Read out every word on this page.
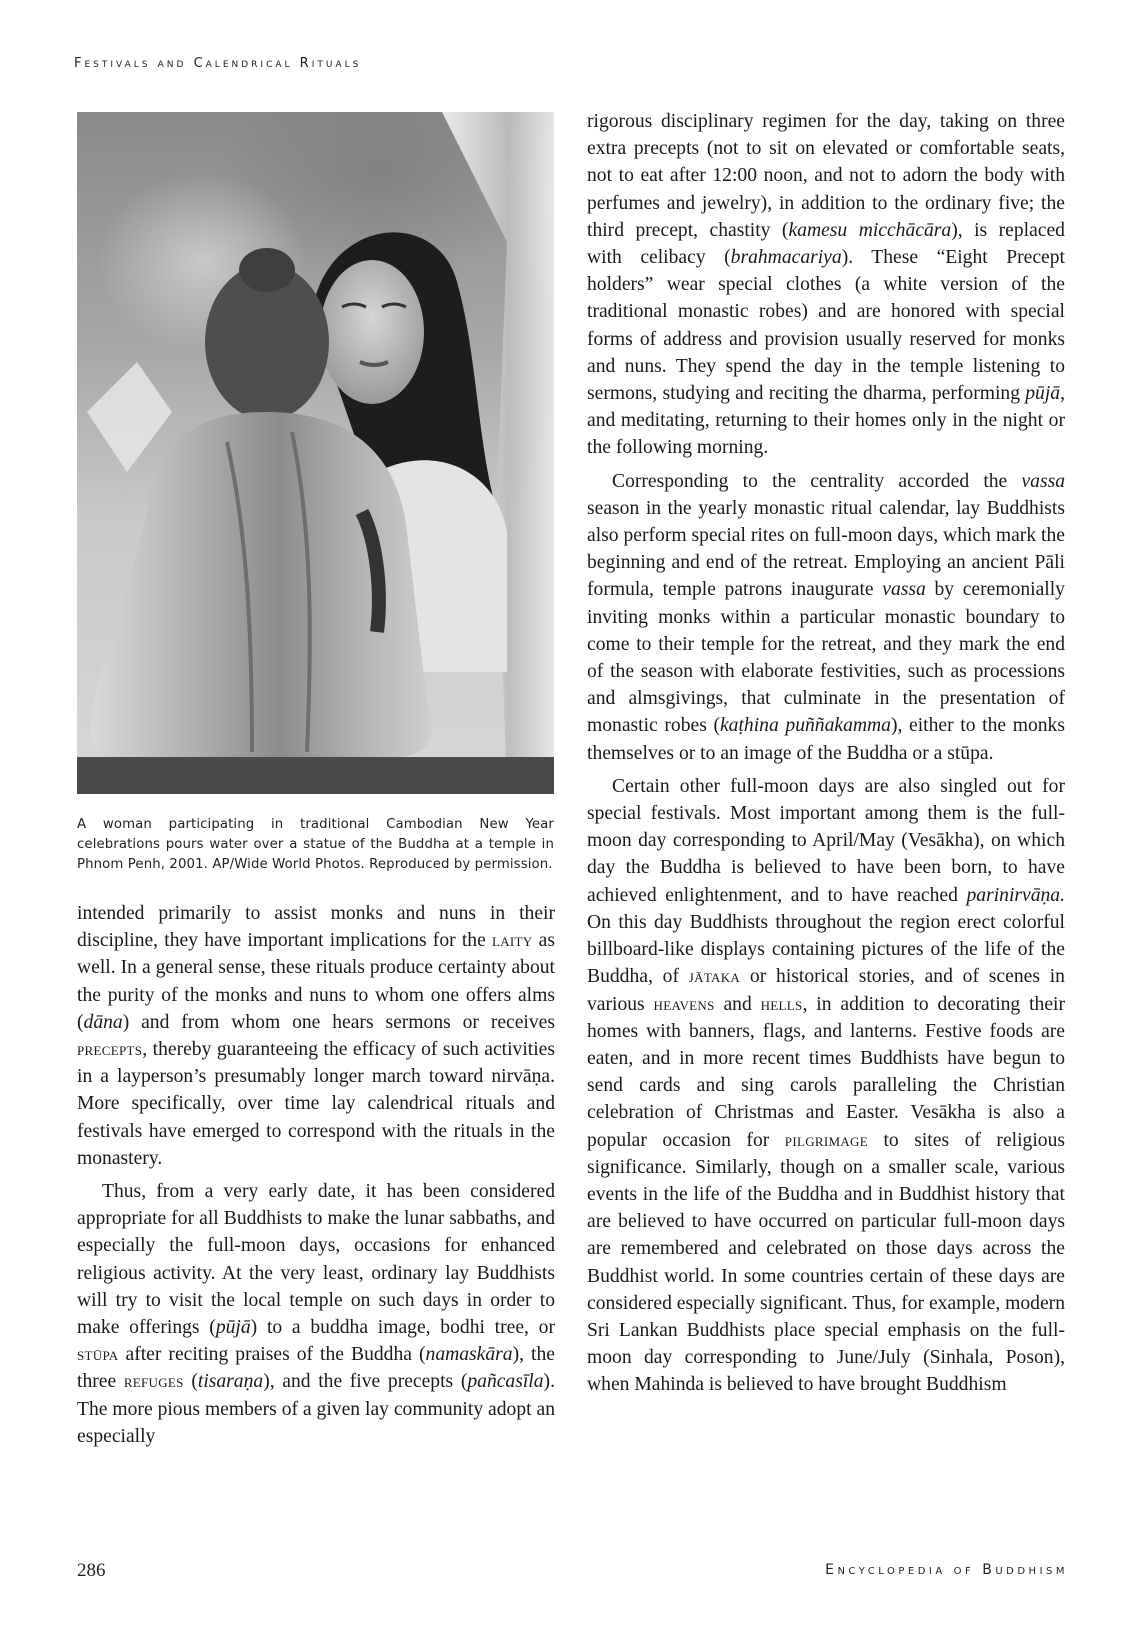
Festivals and Calendrical Rituals
A woman participating in traditional Cambodian New Year celebrations pours water over a statue of the Buddha at a temple in Phnom Penh, 2001. AP/Wide World Photos. Reproduced by permission.

intended primarily to assist monks and nuns in their discipline, they have important implications for the laity as well. In a general sense, these rituals produce certainty about the purity of the monks and nuns to whom one offers alms (dāna) and from whom one hears sermons or receives precepts, thereby guaranteeing the efficacy of such activities in a layperson’s presumably longer march toward nirvāṇa. More specifically, over time lay calendrical rituals and festivals have emerged to correspond with the rituals in the monastery.

Thus, from a very early date, it has been considered appropriate for all Buddhists to make the lunar sabbaths, and especially the full-moon days, occasions for enhanced religious activity. At the very least, ordinary lay Buddhists will try to visit the local temple on such days in order to make offerings (pūjā) to a buddha image, bodhi tree, or stūpa after reciting praises of the Buddha (namaskāra), the three refuges (tisaraṇa), and the five precepts (pañcasīla). The more pious members of a given lay community adopt an especially

rigorous disciplinary regimen for the day, taking on three extra precepts (not to sit on elevated or comfortable seats, not to eat after 12:00 noon, and not to adorn the body with perfumes and jewelry), in addition to the ordinary five; the third precept, chastity (kamesu micchācāra), is replaced with celibacy (brahmacariya). These “Eight Precept holders” wear special clothes (a white version of the traditional monastic robes) and are honored with special forms of address and provision usually reserved for monks and nuns. They spend the day in the temple listening to sermons, studying and reciting the dharma, performing pūjā, and meditating, returning to their homes only in the night or the following morning.

Corresponding to the centrality accorded the vassa season in the yearly monastic ritual calendar, lay Buddhists also perform special rites on full-moon days, which mark the beginning and end of the retreat. Employing an ancient Pāli formula, temple patrons inaugurate vassa by ceremonially inviting monks within a particular monastic boundary to come to their temple for the retreat, and they mark the end of the season with elaborate festivities, such as processions and almsgivings, that culminate in the presentation of monastic robes (kaṭhina puññakamma), either to the monks themselves or to an image of the Buddha or a stūpa.

Certain other full-moon days are also singled out for special festivals. Most important among them is the full-moon day corresponding to April/May (Vesākha), on which day the Buddha is believed to have been born, to have achieved enlightenment, and to have reached parinirvāṇa. On this day Buddhists throughout the region erect colorful billboard-like displays containing pictures of the life of the Buddha, of jātaka or historical stories, and of scenes in various heavens and hells, in addition to decorating their homes with banners, flags, and lanterns. Festive foods are eaten, and in more recent times Buddhists have begun to send cards and sing carols paralleling the Christian celebration of Christmas and Easter. Vesākha is also a popular occasion for pilgrimage to sites of religious significance. Similarly, though on a smaller scale, various events in the life of the Buddha and in Buddhist history that are believed to have occurred on particular full-moon days are remembered and celebrated on those days across the Buddhist world. In some countries certain of these days are considered especially significant. Thus, for example, modern Sri Lankan Buddhists place special emphasis on the full-moon day corresponding to June/July (Sinhala, Poson), when Mahinda is believed to have brought Buddhism

286	Encyclopedia of Buddhism
